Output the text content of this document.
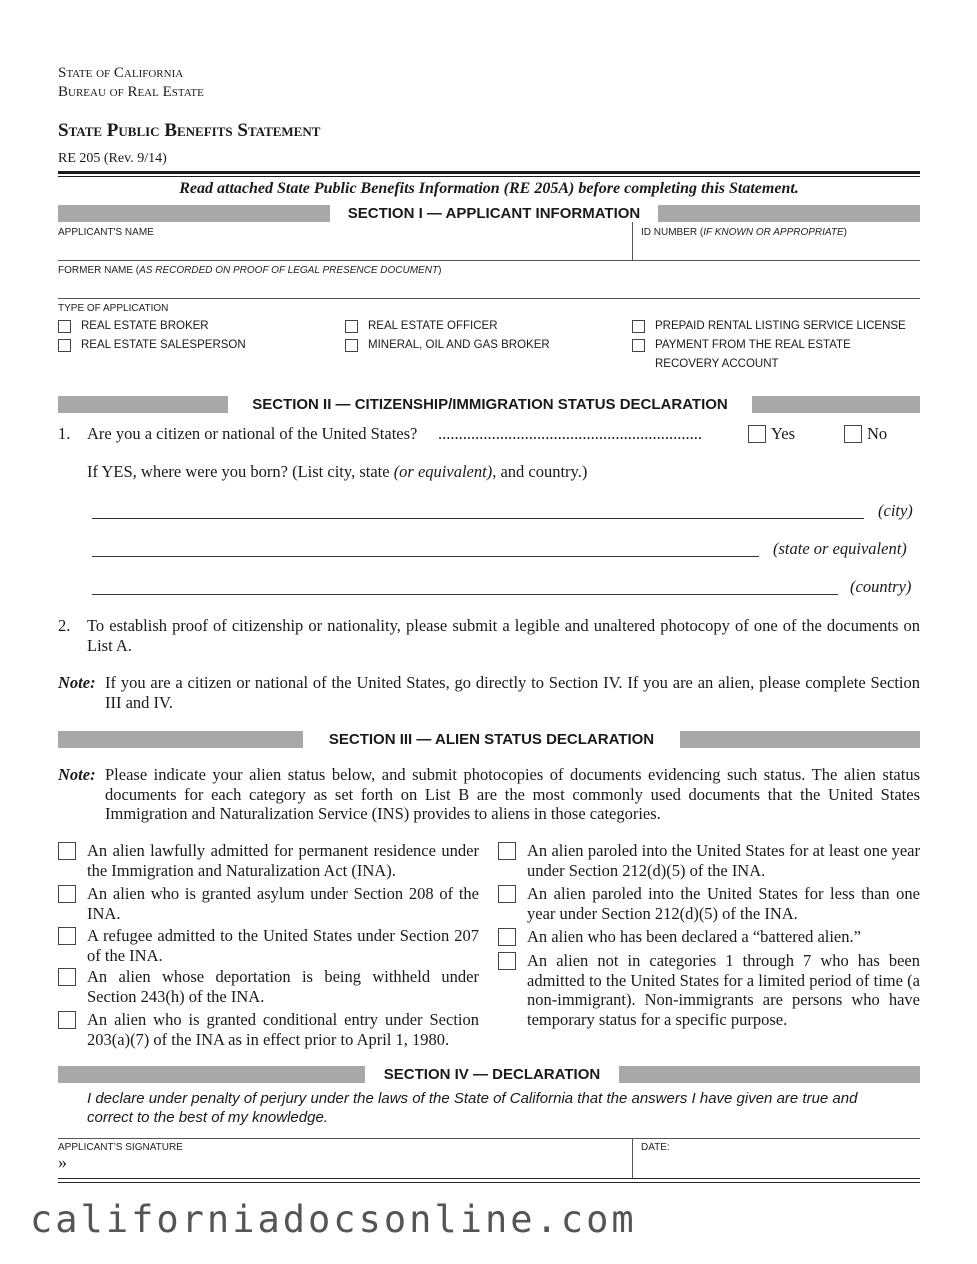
State of California
Bureau of Real Estate
State Public Benefits Statement
RE 205 (Rev. 9/14)
Read attached State Public Benefits Information (RE 205A) before completing this Statement.
SECTION I — APPLICANT INFORMATION
APPLICANT'S NAME	ID NUMBER (IF KNOWN OR APPROPRIATE)
FORMER NAME (AS RECORDED ON PROOF OF LEGAL PRESENCE DOCUMENT)
TYPE OF APPLICATION
REAL ESTATE BROKER
REAL ESTATE SALESPERSON
REAL ESTATE OFFICER
MINERAL, OIL AND GAS BROKER
PREPAID RENTAL LISTING SERVICE LICENSE
PAYMENT FROM THE REAL ESTATE
RECOVERY ACCOUNT
SECTION II — CITIZENSHIP/IMMIGRATION STATUS DECLARATION
1. Are you a citizen or national of the United States? ................................................................	Yes	No
If YES, where were you born? (List city, state (or equivalent), and country.)
(city)
(state or equivalent)
(country)
2. To establish proof of citizenship or nationality, please submit a legible and unaltered photocopy of one of the documents on List A.
Note: If you are a citizen or national of the United States, go directly to Section IV. If you are an alien, please complete Section III and IV.
SECTION III — ALIEN STATUS DECLARATION
Note: Please indicate your alien status below, and submit photocopies of documents evidencing such status. The alien status documents for each category as set forth on List B are the most commonly used documents that the United States Immigration and Naturalization Service (INS) provides to aliens in those categories.
An alien lawfully admitted for permanent residence under the Immigration and Naturalization Act (INA).
An alien who is granted asylum under Section 208 of the INA.
A refugee admitted to the United States under Section 207 of the INA.
An alien whose deportation is being withheld under Section 243(h) of the INA.
An alien who is granted conditional entry under Section 203(a)(7) of the INA as in effect prior to April 1, 1980.
An alien paroled into the United States for at least one year under Section 212(d)(5) of the INA.
An alien paroled into the United States for less than one year under Section 212(d)(5) of the INA.
An alien who has been declared a “battered alien.”
An alien not in categories 1 through 7 who has been admitted to the United States for a limited period of time (a non-immigrant). Non-immigrants are persons who have temporary status for a specific purpose.
SECTION IV — DECLARATION
I declare under penalty of perjury under the laws of the State of California that the answers I have given are true and correct to the best of my knowledge.
APPLICANT’S SIGNATURE
»
DATE:
californiadocsonline.com
